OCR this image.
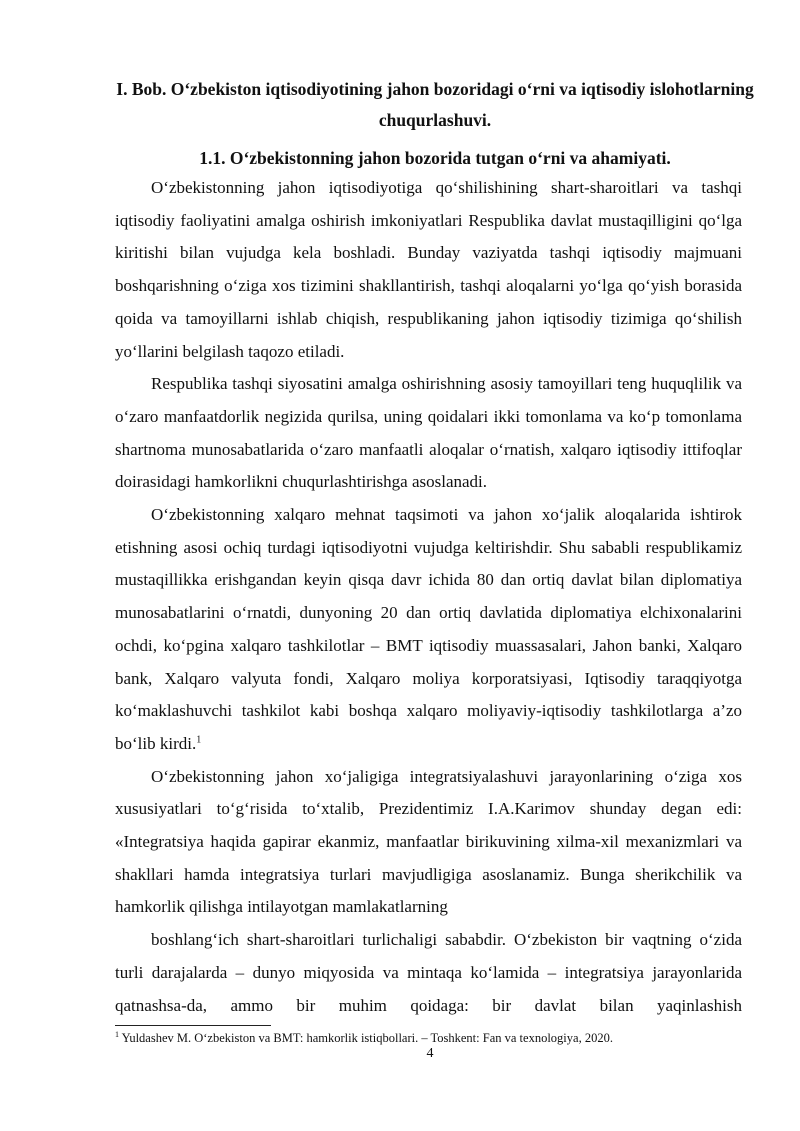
I. Bob. O‘zbekiston iqtisodiyotining jahon bozoridagi o‘rni va iqtisodiy islohotlarning chuqurlashuvi.
1.1. O‘zbekistonning jahon bozorida tutgan o‘rni va ahamiyati.

O‘zbekistonning jahon iqtisodiyotiga qo‘shilishining shart-sharoitlari va tashqi iqtisodiy faoliyatini amalga oshirish imkoniyatlari Respublika davlat mustaqilligini qo‘lga kiritishi bilan vujudga kela boshladi. Bunday vaziyatda tashqi iqtisodiy majmuani boshqarishning o‘ziga xos tizimini shakllantirish, tashqi aloqalarni yo‘lga qo‘yish borasida qoida va tamoyillarni ishlab chiqish, respublikaning jahon iqtisodiy tizimiga qo‘shilish yo‘llarini belgilash taqozo etiladi.

Respublika tashqi siyosatini amalga oshirishning asosiy tamoyillari teng huquqlilik va o‘zaro manfaatdorlik negizida qurilsa, uning qoidalari ikki tomonlama va ko‘p tomonlama shartnoma munosabatlarida o‘zaro manfaatli aloqalar o‘rnatish, xalqaro iqtisodiy ittifoqlar doirasidagi hamkorlikni chuqurlashtirishga asoslanadi.

O‘zbekistonning xalqaro mehnat taqsimoti va jahon xo‘jalik aloqalarida ishtirok etishning asosi ochiq turdagi iqtisodiyotni vujudga keltirishdir. Shu sababli respublikamiz mustaqillikka erishgandan keyin qisqa davr ichida 80 dan ortiq davlat bilan diplomatiya munosabatlarini o‘rnatdi, dunyoning 20 dan ortiq davlatida diplomatiya elchixonalarini ochdi, ko‘pgina xalqaro tashkilotlar – BMT iqtisodiy muassasalari, Jahon banki, Xalqaro bank, Xalqaro valyuta fondi, Xalqaro moliya korporatsiyasi, Iqtisodiy taraqqiyotga ko‘maklashuvchi tashkilot kabi boshqa xalqaro moliyaviy-iqtisodiy tashkilotlarga a’zo bo‘lib kirdi.$^1$

O‘zbekistonning jahon xo‘jaligiga integratsiyalashuvi jarayonlarining o‘ziga xos xususiyatlari to‘g‘risida to‘xtalib, Prezidentimiz I.A.Karimov shunday degan edi: «Integratsiya haqida gapirar ekanmiz, manfaatlar birikuvining xilma-xil mexanizmlari va shakllari hamda integratsiya turlari mavjudligiga asoslanamiz. Bunga sherikchilik va hamkorlik qilishga intilayotgan mamlakatlarning

boshlang‘ich shart-sharoitlari turlichaligi sababdir. O‘zbekiston bir vaqtning o‘zida turli darajalarda – dunyo miqyosida va mintaqa ko‘lamida – integratsiya jarayonlarida qatnashsa-da, ammo bir muhim qoidaga: bir davlat bilan yaqinlashish

$^1$ Yuldashev M. O‘zbekiston va BMT: hamkorlik istiqbollari. – Toshkent: Fan va texnologiya, 2020.
4
